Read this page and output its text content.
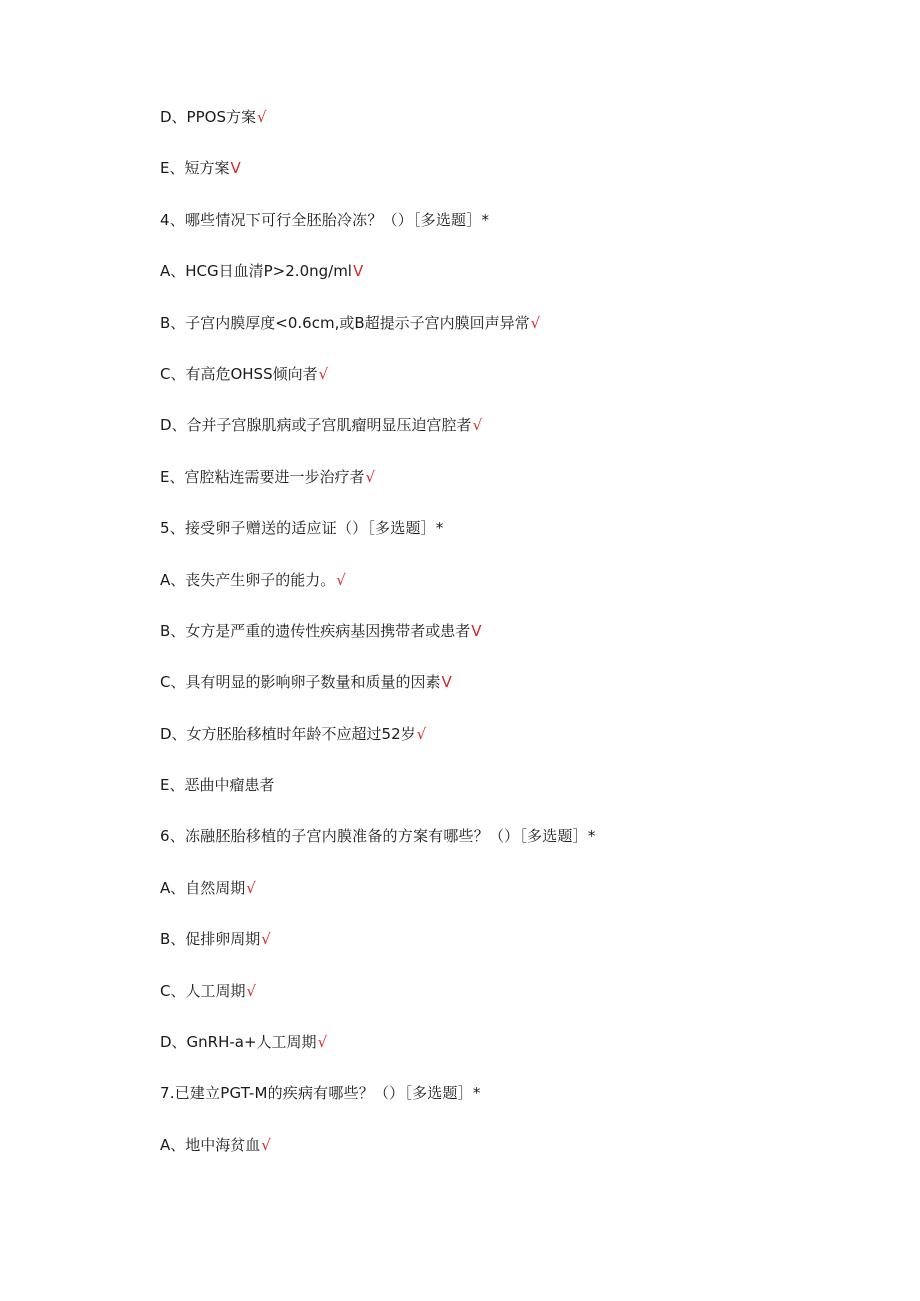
D、PPOS方案√
E、短方案V
4、哪些情况下可行全胚胎冷冻？（）［多选题］*
A、HCG日血清P>2.0ng/mlV
B、子宫内膜厚度<0.6cm,或B超提示子宫内膜回声异常√
C、有高危OHSS倾向者√
D、合并子宫腺肌病或子宫肌瘤明显压迫宫腔者√
E、宫腔粘连需要进一步治疗者√
5、接受卵子赠送的适应证（）［多选题］*
A、丧失产生卵子的能力。√
B、女方是严重的遗传性疾病基因携带者或患者V
C、具有明显的影响卵子数量和质量的因素V
D、女方胚胎移植时年龄不应超过52岁√
E、恶曲中瘤患者
6、冻融胚胎移植的子宫内膜准备的方案有哪些？（）［多选题］*
A、自然周期√
B、促排卵周期√
C、人工周期√
D、GnRH-a+人工周期√
7.已建立PGT-M的疾病有哪些？（）［多选题］*
A、地中海贫血√
